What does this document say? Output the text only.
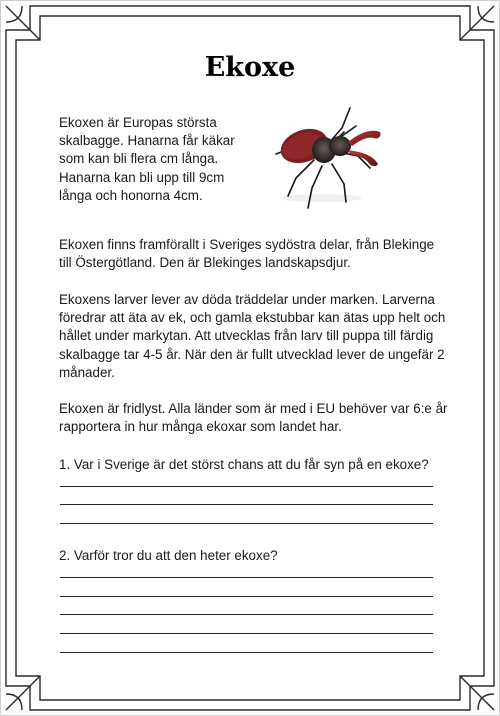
Ekoxe

Ekoxen är Europas största skalbagge. Hanarna får käkar som kan bli flera cm långa. Hanarna kan bli upp till 9cm långa och honorna 4cm.

Ekoxen finns framförallt i Sveriges sydöstra delar, från Blekinge till Östergötland. Den är Blekinges landskapsdjur.

Ekoxens larver lever av döda träddelar under marken. Larverna föredrar att äta av ek, och gamla ekstubbar kan ätas upp helt och hållet under markytan. Att utvecklas från larv till puppa till färdig skalbagge tar 4-5 år. När den är fullt utvecklad lever de ungefär 2 månader.

Ekoxen är fridlyst. Alla länder som är med i EU behöver var 6:e år rapportera in hur många ekoxar som landet har.

1. Var i Sverige är det störst chans att du får syn på en ekoxe?

2. Varför tror du att den heter ekoxe?
